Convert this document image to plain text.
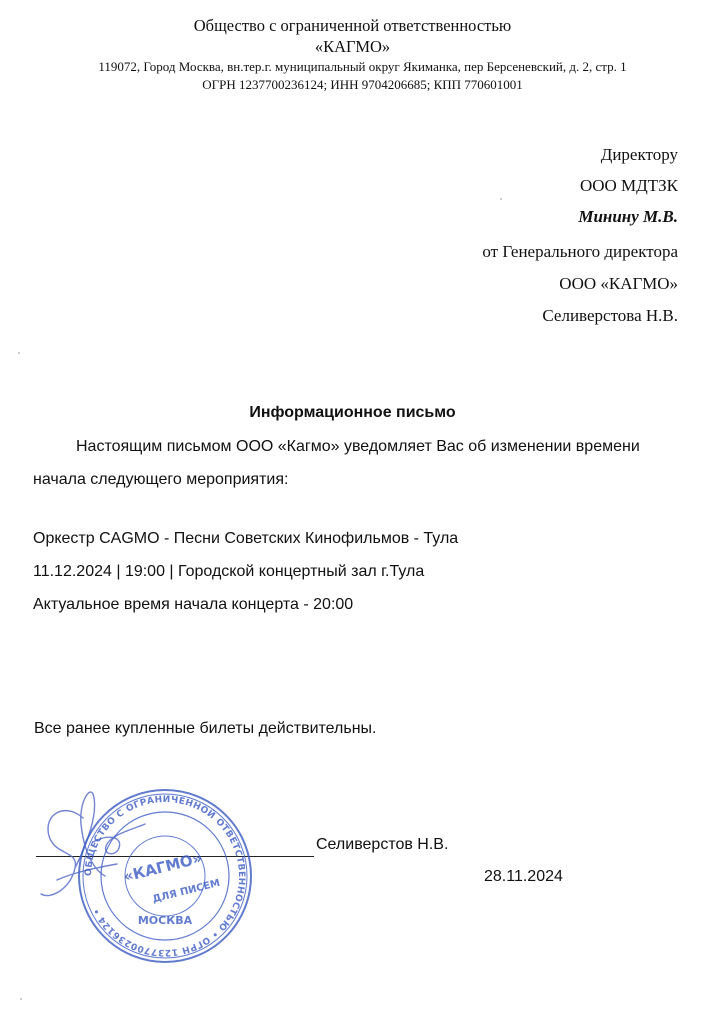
Общество с ограниченной ответственностью
«КАГМО»
119072, Город Москва, вн.тер.г. муниципальный округ Якиманка, пер Берсеневский, д. 2, стр. 1
ОГРН 1237700236124; ИНН 9704206685; КПП 770601001
Директору
ООО МДТЗК
Минину М.В.
от Генерального директора
ООО «КАГМО»
Селиверстова Н.В.
Информационное письмо
Настоящим письмом ООО «Кагмо» уведомляет Вас об изменении времени
начала следующего мероприятия:
Оркестр CAGMO - Песни Советских Кинофильмов - Тула
11.12.2024 | 19:00 | Городской концертный зал г.Тула
Актуальное время начала концерта - 20:00
Все ранее купленные билеты действительны.
Селиверстов Н.В.
28.11.2024
ОБЩЕСТВО С ОГРАНИЧЕННОЙ ОТВЕТСТВЕННОСТЬЮ • ОГРН 1237700236124 •
«КАГМО»
МОСКВА
ДЛЯ ПИСЕМ
